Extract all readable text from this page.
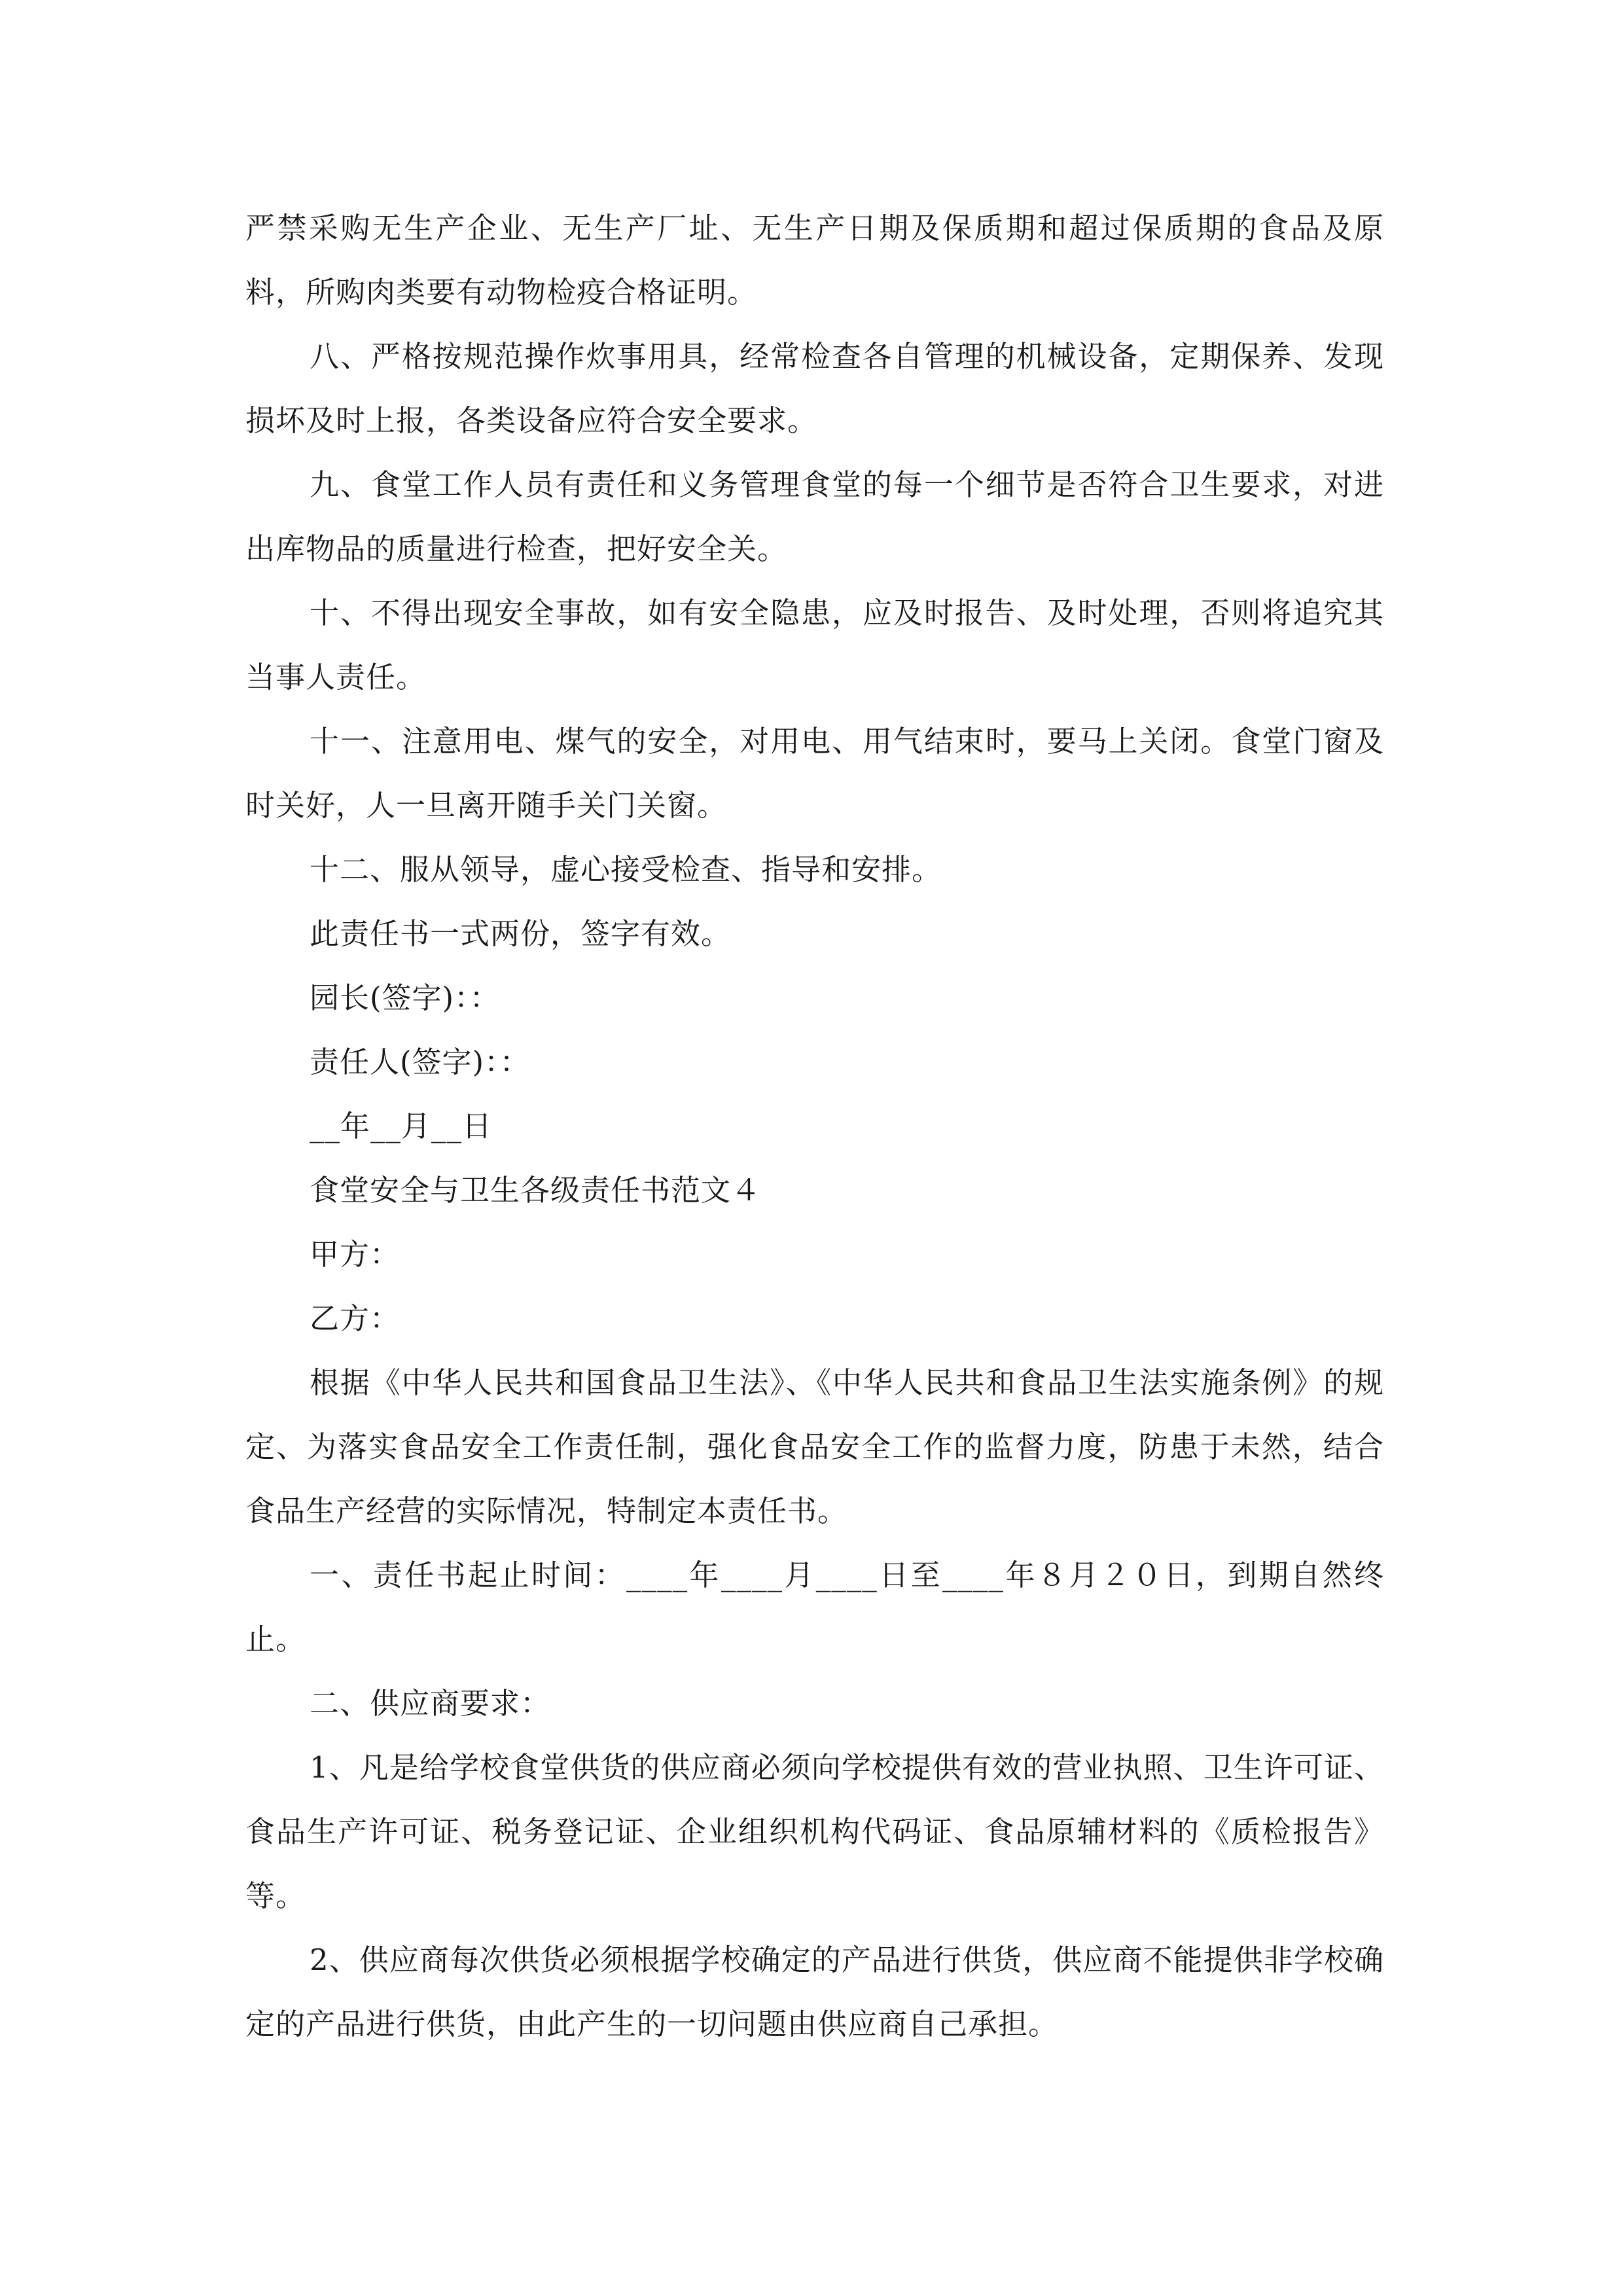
严禁采购无生产企业、无生产厂址、无生产日期及保质期和超过保质期的食品及原料，所购肉类要有动物检疫合格证明。

八、严格按规范操作炊事用具，经常检查各自管理的机械设备，定期保养、发现损坏及时上报，各类设备应符合安全要求。

九、食堂工作人员有责任和义务管理食堂的每一个细节是否符合卫生要求，对进出库物品的质量进行检查，把好安全关。

十、不得出现安全事故，如有安全隐患，应及时报告、及时处理，否则将追究其当事人责任。

十一、注意用电、煤气的安全，对用电、用气结束时，要马上关闭。食堂门窗及时关好，人一旦离开随手关门关窗。

十二、服从领导，虚心接受检查、指导和安排。

此责任书一式两份，签字有效。

园长(签字)：：

责任人(签字)：：

__年__月__日

食堂安全与卫生各级责任书范文４

甲方：

乙方：

根据《中华人民共和国食品卫生法》、《中华人民共和食品卫生法实施条例》的规定、为落实食品安全工作责任制，强化食品安全工作的监督力度，防患于未然，结合食品生产经营的实际情况，特制定本责任书。

一、责任书起止时间：____年____月____日至____年８月２０日，到期自然终止。

二、供应商要求：

1、凡是给学校食堂供货的供应商必须向学校提供有效的营业执照、卫生许可证、食品生产许可证、税务登记证、企业组织机构代码证、食品原辅材料的《质检报告》等。

2、供应商每次供货必须根据学校确定的产品进行供货，供应商不能提供非学校确定的产品进行供货，由此产生的一切问题由供应商自己承担。
